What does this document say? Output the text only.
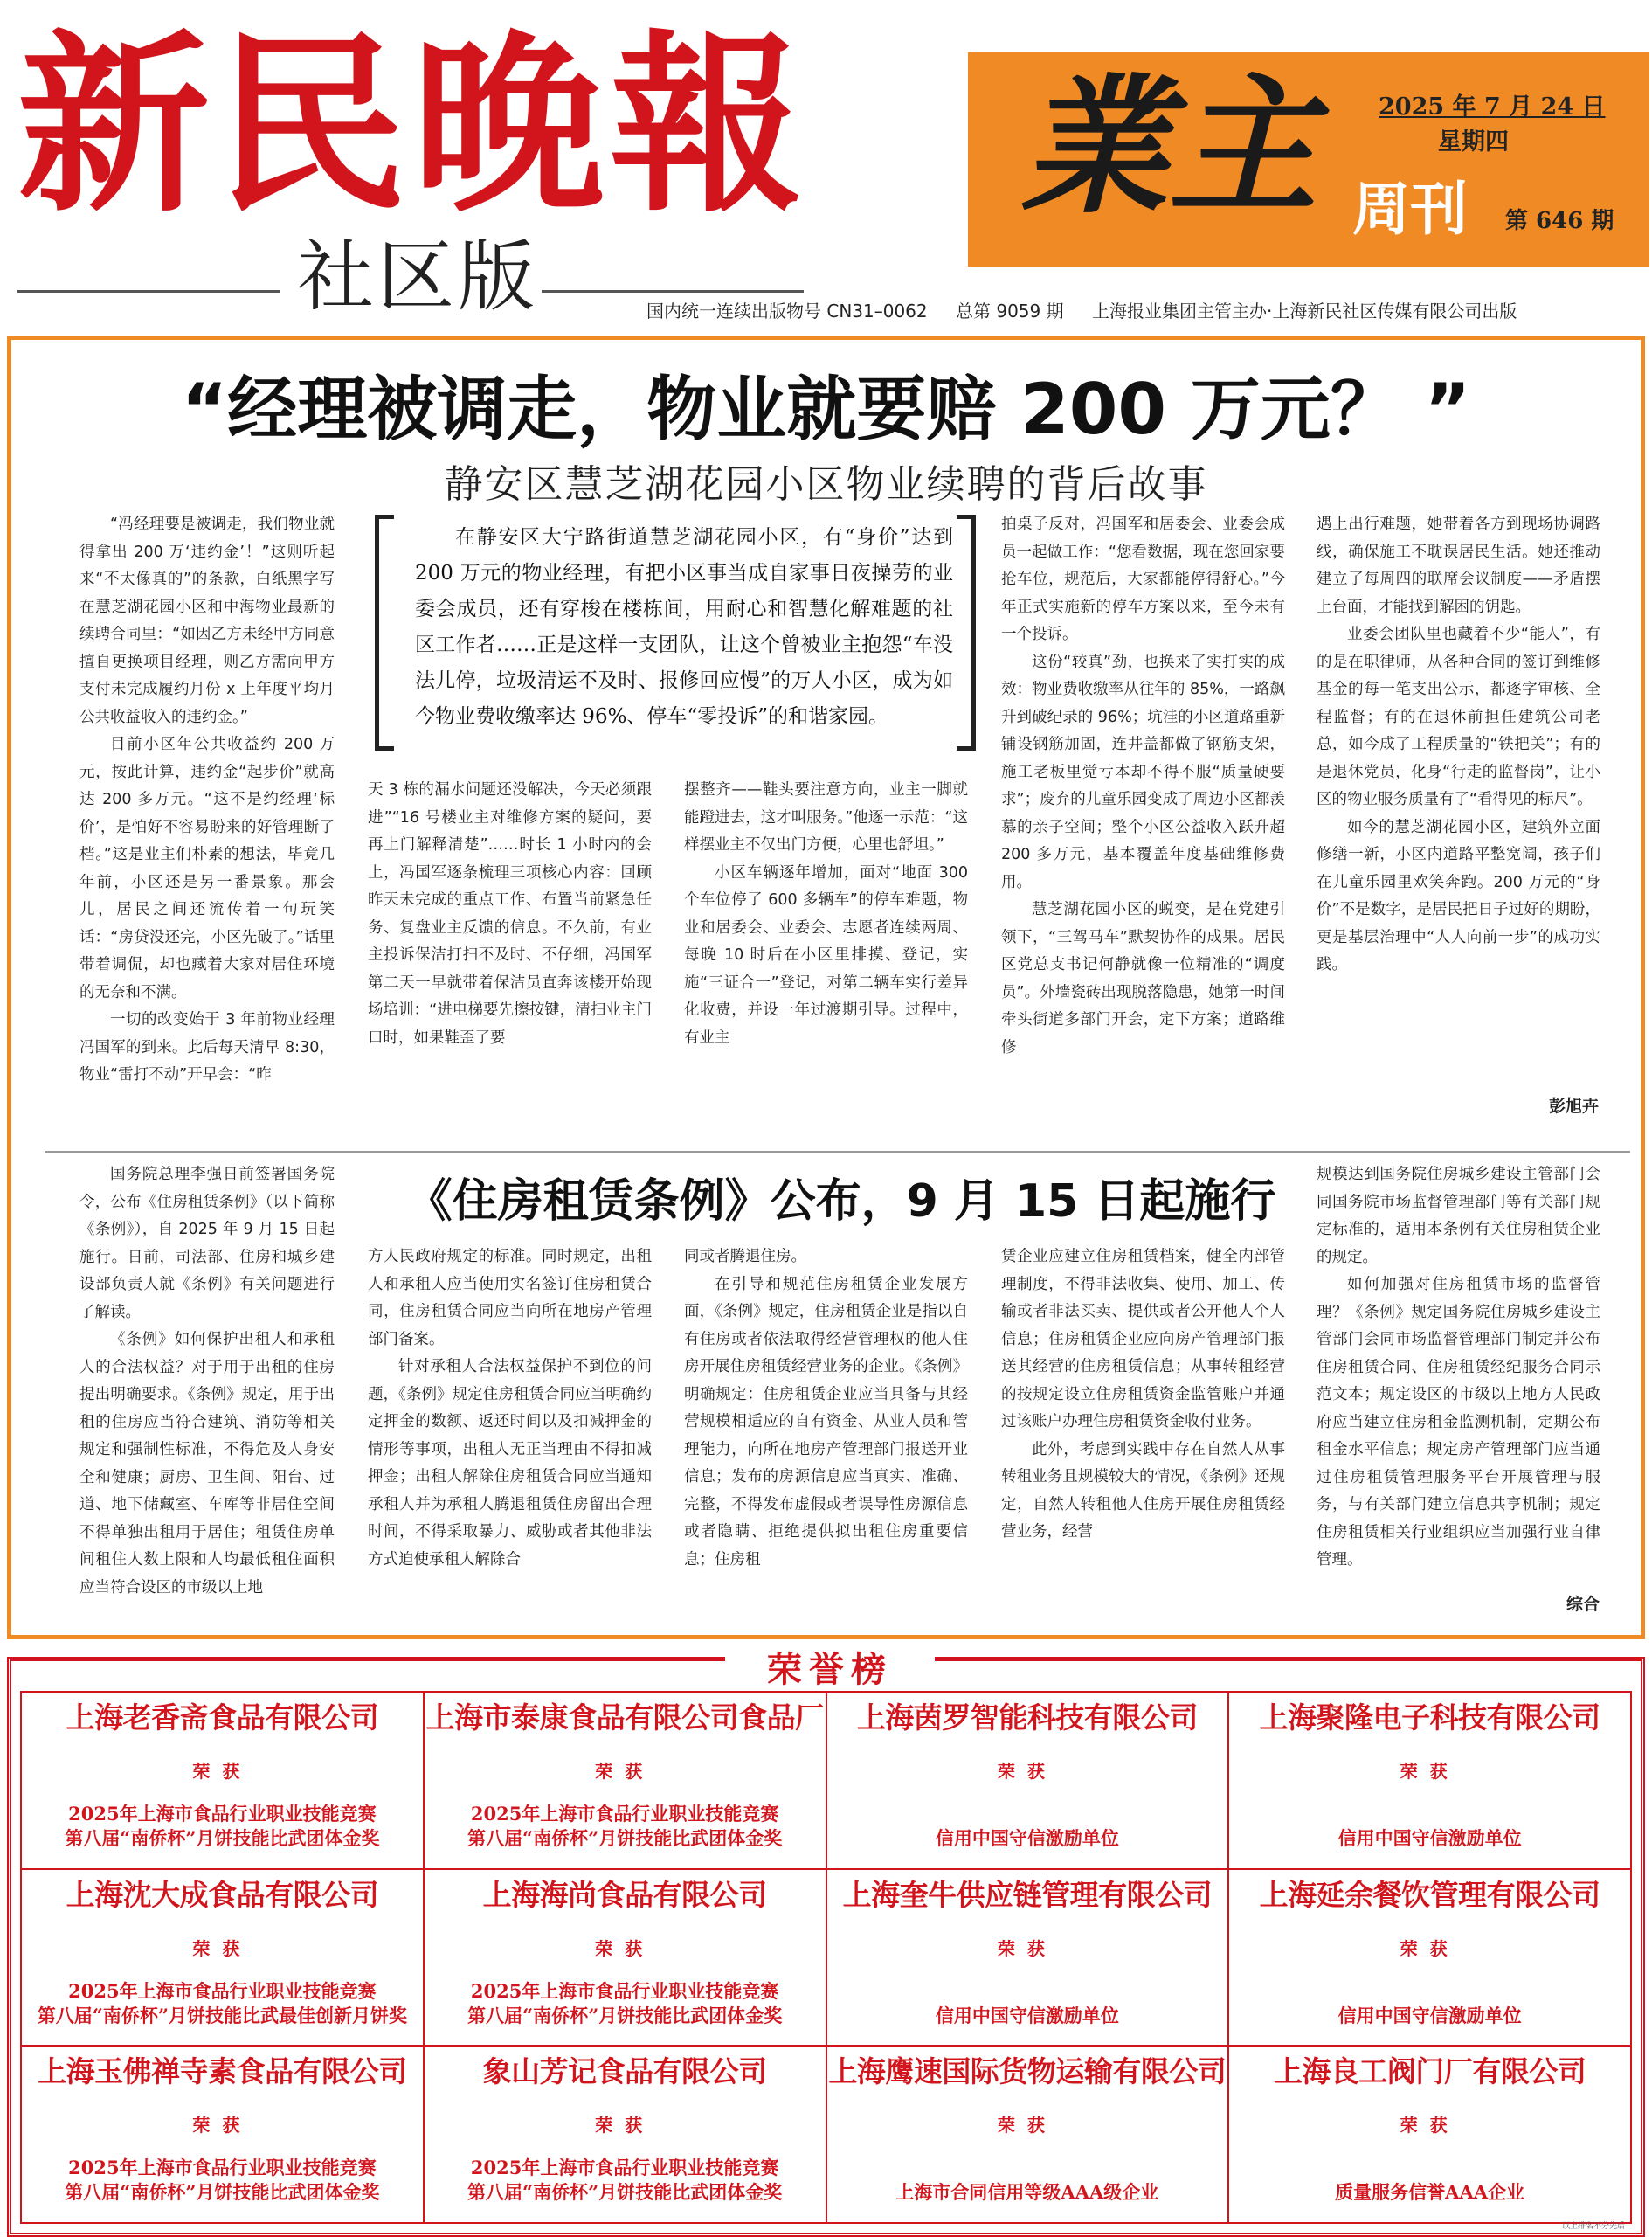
新民晚報
社区版
業主	2025 年 7 月 24 日
星期四
周刊 第 646 期
国内统一连续出版物号 CN31–0062 总第 9059 期 上海报业集团主管主办·上海新民社区传媒有限公司出版
“经理被调走，物业就要赔 200 万元？ ”
静安区慧芝湖花园小区物业续聘的背后故事

“冯经理要是被调走，我们物业就得拿出 200 万‘违约金’！”这则听起来“不太像真的”的条款，白纸黑字写在慧芝湖花园小区和中海物业最新的续聘合同里：“如因乙方未经甲方同意擅自更换项目经理，则乙方需向甲方支付未完成履约月份 x 上年度平均月公共收益收入的违约金。”

目前小区年公共收益约 200 万元，按此计算，违约金“起步价”就高达 200 多万元。“这不是约经理‘标价’，是怕好不容易盼来的好管理断了档。”这是业主们朴素的想法，毕竟几年前，小区还是另一番景象。那会儿，居民之间还流传着一句玩笑话：“房贷没还完，小区先破了。”话里带着调侃，却也藏着大家对居住环境的无奈和不满。

一切的改变始于 3 年前物业经理冯国军的到来。此后每天清早 8:30，物业“雷打不动”开早会：“昨

在静安区大宁路街道慧芝湖花园小区，有“身价”达到 200 万元的物业经理，有把小区事当成自家事日夜操劳的业委会成员，还有穿梭在楼栋间，用耐心和智慧化解难题的社区工作者……正是这样一支团队，让这个曾被业主抱怨“车没法儿停，垃圾清运不及时、报修回应慢”的万人小区，成为如今物业费收缴率达 96%、停车“零投诉”的和谐家园。

天 3 栋的漏水问题还没解决，今天必须跟进”“16 号楼业主对维修方案的疑问，要再上门解释清楚”……时长 1 小时内的会上，冯国军逐条梳理三项核心内容：回顾昨天未完成的重点工作、布置当前紧急任务、复盘业主反馈的信息。不久前，有业主投诉保洁打扫不及时、不仔细，冯国军第二天一早就带着保洁员直奔该楼开始现场培训：“进电梯要先擦按键，清扫业主门口时，如果鞋歪了要

摆整齐——鞋头要注意方向，业主一脚就能蹬进去，这才叫服务。”他逐一示范：“这样摆业主不仅出门方便，心里也舒坦。”

小区车辆逐年增加，面对“地面 300 个车位停了 600 多辆车”的停车难题，物业和居委会、业委会、志愿者连续两周、每晚 10 时后在小区里排摸、登记，实施“三证合一”登记，对第二辆车实行差异化收费，并设一年过渡期引导。过程中，有业主

拍桌子反对，冯国军和居委会、业委会成员一起做工作：“您看数据，现在您回家要抢车位，规范后，大家都能停得舒心。”今年正式实施新的停车方案以来，至今未有一个投诉。

这份“较真”劲，也换来了实打实的成效：物业费收缴率从往年的 85%，一路飙升到破纪录的 96%；坑洼的小区道路重新铺设钢筋加固，连井盖都做了钢筋支架，施工老板里觉亏本却不得不服“质量硬要求”；废弃的儿童乐园变成了周边小区都羡慕的亲子空间；整个小区公益收入跃升超 200 多万元，基本覆盖年度基础维修费用。

慧芝湖花园小区的蜕变，是在党建引领下，“三驾马车”默契协作的成果。居民区党总支书记何静就像一位精准的“调度员”。外墙瓷砖出现脱落隐患，她第一时间牵头街道多部门开会，定下方案；道路维修

遇上出行难题，她带着各方到现场协调路线，确保施工不耽误居民生活。她还推动建立了每周四的联席会议制度——矛盾摆上台面，才能找到解困的钥匙。

业委会团队里也藏着不少“能人”，有的是在职律师，从各种合同的签订到维修基金的每一笔支出公示，都逐字审核、全程监督；有的在退休前担任建筑公司老总，如今成了工程质量的“铁把关”；有的是退休党员，化身“行走的监督岗”，让小区的物业服务质量有了“看得见的标尺”。

如今的慧芝湖花园小区，建筑外立面修缮一新，小区内道路平整宽阔，孩子们在儿童乐园里欢笑奔跑。200 万元的“身价”不是数字，是居民把日子过好的期盼，更是基层治理中“人人向前一步”的成功实践。

彭旭卉
《住房租赁条例》公布，9 月 15 日起施行

国务院总理李强日前签署国务院令，公布《住房租赁条例》（以下简称《条例》），自 2025 年 9 月 15 日起施行。日前，司法部、住房和城乡建设部负责人就《条例》有关问题进行了解读。

《条例》如何保护出租人和承租人的合法权益？对于用于出租的住房提出明确要求。《条例》规定，用于出租的住房应当符合建筑、消防等相关规定和强制性标准，不得危及人身安全和健康；厨房、卫生间、阳台、过道、地下储藏室、车库等非居住空间不得单独出租用于居住；租赁住房单间租住人数上限和人均最低租住面积应当符合设区的市级以上地

方人民政府规定的标准。同时规定，出租人和承租人应当使用实名签订住房租赁合同，住房租赁合同应当向所在地房产管理部门备案。

针对承租人合法权益保护不到位的问题，《条例》规定住房租赁合同应当明确约定押金的数额、返还时间以及扣减押金的情形等事项，出租人无正当理由不得扣减押金；出租人解除住房租赁合同应当通知承租人并为承租人腾退租赁住房留出合理时间，不得采取暴力、威胁或者其他非法方式迫使承租人解除合

同或者腾退住房。

在引导和规范住房租赁企业发展方面，《条例》规定，住房租赁企业是指以自有住房或者依法取得经营管理权的他人住房开展住房租赁经营业务的企业。《条例》明确规定：住房租赁企业应当具备与其经营规模相适应的自有资金、从业人员和管理能力，向所在地房产管理部门报送开业信息；发布的房源信息应当真实、准确、完整，不得发布虚假或者误导性房源信息或者隐瞒、拒绝提供拟出租住房重要信息；住房租

赁企业应建立住房租赁档案，健全内部管理制度，不得非法收集、使用、加工、传输或者非法买卖、提供或者公开他人个人信息；住房租赁企业应向房产管理部门报送其经营的住房租赁信息；从事转租经营的按规定设立住房租赁资金监管账户并通过该账户办理住房租赁资金收付业务。

此外，考虑到实践中存在自然人从事转租业务且规模较大的情况，《条例》还规定，自然人转租他人住房开展住房租赁经营业务，经营

规模达到国务院住房城乡建设主管部门会同国务院市场监督管理部门等有关部门规定标准的，适用本条例有关住房租赁企业的规定。

如何加强对住房租赁市场的监督管理？《条例》规定国务院住房城乡建设主管部门会同市场监督管理部门制定并公布住房租赁合同、住房租赁经纪服务合同示范文本；规定设区的市级以上地方人民政府应当建立住房租金监测机制，定期公布租金水平信息；规定房产管理部门应当通过住房租赁管理服务平台开展管理与服务，与有关部门建立信息共享机制；规定住房租赁相关行业组织应当加强行业自律管理。

综合
荣誉榜
上海老香斋食品有限公司
荣获
2025年上海市食品行业职业技能竞赛
第八届“南侨杯”月饼技能比武团体金奖
上海市泰康食品有限公司食品厂
荣获
2025年上海市食品行业职业技能竞赛
第八届“南侨杯”月饼技能比武团体金奖
上海茵罗智能科技有限公司
荣获
信用中国守信激励单位
上海聚隆电子科技有限公司
荣获
信用中国守信激励单位
上海沈大成食品有限公司
荣获
2025年上海市食品行业职业技能竞赛
第八届“南侨杯”月饼技能比武最佳创新月饼奖
上海海尚食品有限公司
荣获
2025年上海市食品行业职业技能竞赛
第八届“南侨杯”月饼技能比武团体金奖
上海奎牛供应链管理有限公司
荣获
信用中国守信激励单位
上海延余餐饮管理有限公司
荣获
信用中国守信激励单位
上海玉佛禅寺素食品有限公司
荣获
2025年上海市食品行业职业技能竞赛
第八届“南侨杯”月饼技能比武团体金奖
象山芳记食品有限公司
荣获
2025年上海市食品行业职业技能竞赛
第八届“南侨杯”月饼技能比武团体金奖
上海鹰速国际货物运输有限公司
荣获
上海市合同信用等级AAA级企业
上海良工阀门厂有限公司
荣获
质量服务信誉AAA企业
以上排名不分先后
